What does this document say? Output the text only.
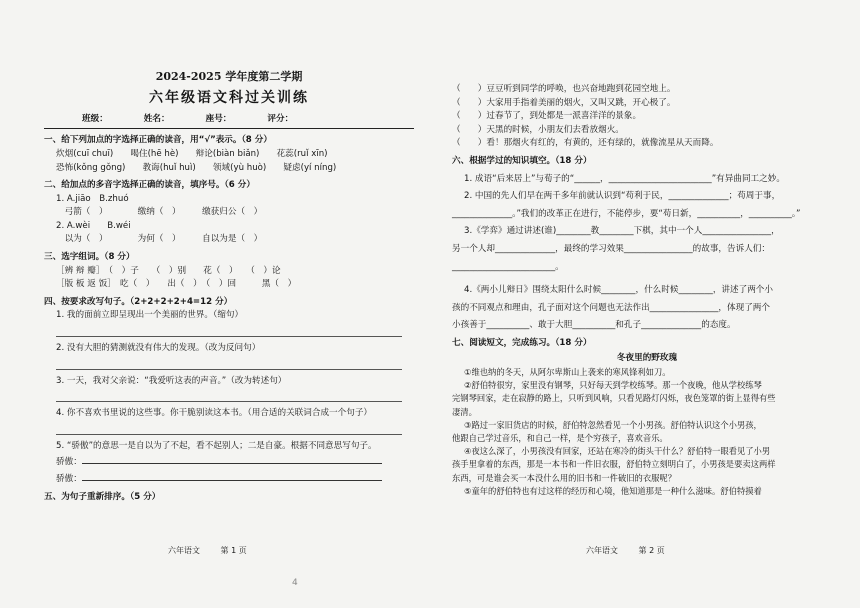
2024-2025 学年度第二学期

六年级语文科过关训练

班级：	姓名：	座号：	评分：
一、给下列加点的字选择正确的读音，用“√”表示。（8 分）
炊烟(cuī chuī)　　喝住(hē hè)　　辩论(biàn biǎn)　　花蕊(ruǐ xīn)
恐怖(kǒng gǒng)　　教诲(huǐ huì)　　领域(yù huò)　　疑虑(yí níng)
二、给加点的多音字选择正确的读音，填序号。（6 分）
1. A.jiāo　B.zhuó
　弓箭（　）　　　　缴纳（　）　　　缴获归公（　）
2. A.wèi　　B.wéi
　以为（　）　　　　为何（　）　　　自以为是（　）
三、选字组词。（8 分）
［辨 辩 瓣］　（　）子　　（　）别　　花（　）　　（　）论
［版 板 返 饭］　吃（　）　　出（　）　（　）回　　　黑（　）
四、按要求改写句子。（2+2+2+2+4=12 分）
1. 我的面前立即呈现出一个美丽的世界。（缩句）
2. 没有大胆的猜测就没有伟大的发现。（改为反问句）
3. 一天，我对父亲说：“我爱听这表的声音。”（改为转述句）
4. 你不喜欢书里说的这些事。你干脆别读这本书。（用合适的关联词合成一个句子）
5. “骄傲”的意思一是自以为了不起，看不起别人；二是自豪。根据不同意思写句子。
骄傲：
骄傲：
五、为句子重新排序。（5 分）
六年语文	第 1 页
4
（　　）豆豆听到同学的呼唤，也兴奋地跑到花园空地上。
（　　）大家用手指着美丽的烟火，又叫又跳，开心极了。
（　　）过春节了，到处都是一派喜洋洋的景象。
（　　）天黑的时候，小朋友们去看放烟火。
（　　）看！那烟火有红的，有黄的，还有绿的，就像流星从天而降。
六、根据学过的知识填空。（18 分）
1. 成语“后来居上”与荀子的“______，________________________”有异曲同工之妙。
2. 中国的先人们早在两千多年前就认识到“苟利于民，______________；苟周于事，
______________。”我们的改革正在进行，不能停步，要“苟日新，__________，__________。”
3.《学弈》通过讲述(谁)________教________下棋，其中一个人________________，
另一个人却______________，最终的学习效果________________的故事，告诉人们：
________________________。
4.《两小儿辩日》围绕太阳什么时候________，什么时候________，讲述了两个小
孩的不同观点和理由，孔子面对这个问题也无法作出________________，体现了两个
小孩善于__________、敢于大胆__________和孔子______________的态度。
七、阅读短文，完成练习。（18 分）
冬夜里的野玫瑰
①维也纳的冬天，从阿尔卑斯山上袭来的寒风锋利如刀。
②舒伯特很穷，家里没有钢琴，只好每天到学校练琴。那一个夜晚，他从学校练琴
完钢琴回家，走在寂静的路上，只听到风响，只看见路灯闪烁，夜色笼罩的街上显得有些
凄清。
③路过一家旧货店的时候，舒伯特忽然看见一个小男孩。舒伯特认识这个小男孩，
他跟自己学过音乐，和自己一样，是个穷孩子，喜欢音乐。
④夜这么深了，小男孩没有回家，还站在寒冷的街头干什么？舒伯特一眼看见了小男
孩手里拿着的东西，那是一本书和一件旧衣服，舒伯特立刻明白了，小男孩是要卖这两样
东西，可是谁会买一本没什么用的旧书和一件破旧的衣服呢？
⑤童年的舒伯特也有过这样的经历和心境，他知道那是一种什么滋味。舒伯特摸着
六年语文	第 2 页
